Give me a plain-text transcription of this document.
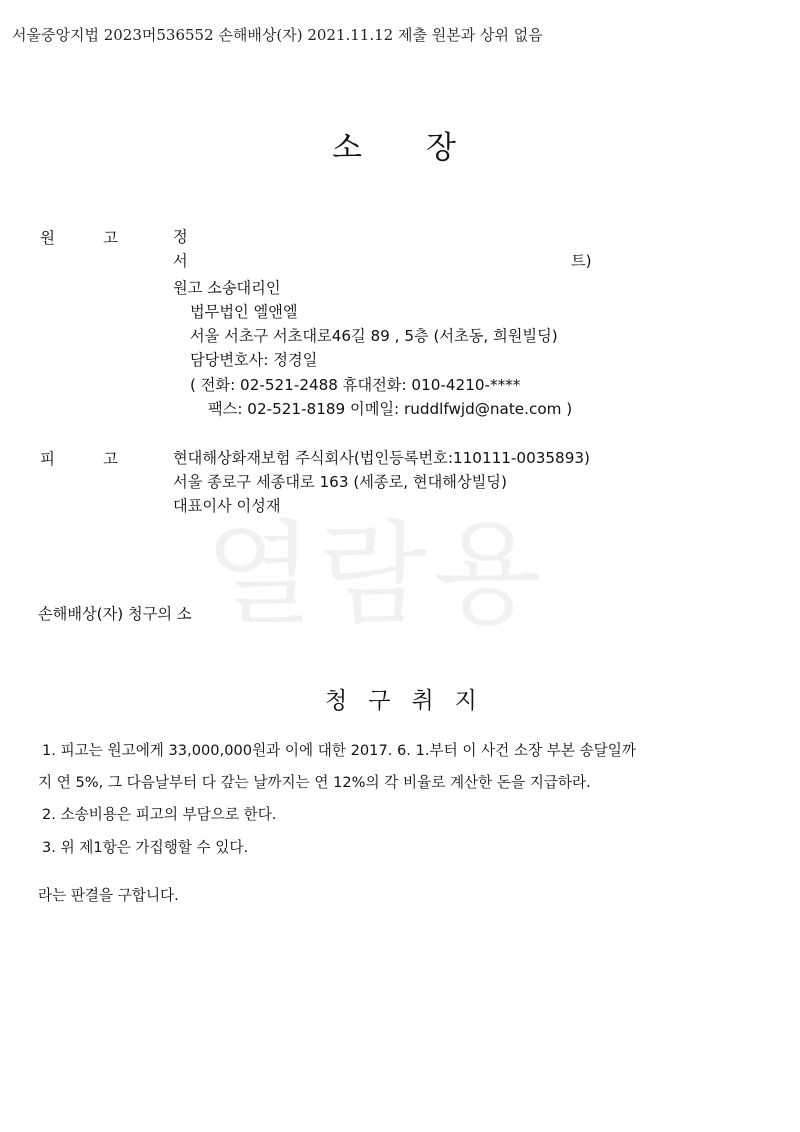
서울중앙지법 2023머536552 손해배상(자) 2021.11.12 제출 원본과 상위 없음
소 장
열람용
원	고	정
서	트)
원고 소송대리인
법무법인 엘앤엘
서울 서초구 서초대로46길 89 , 5층 (서초동, 희원빌딩)
담당변호사: 정경일
( 전화: 02-521-2488 휴대전화: 010-4210-****
팩스: 02-521-8189 이메일: ruddlfwjd@nate.com )
피	고	현대해상화재보험 주식회사(법인등록번호:110111-0035893)
서울 종로구 세종대로 163 (세종로, 현대해상빌딩)
대표이사 이성재
손해배상(자) 청구의 소
청 구 취 지
1. 피고는 원고에게 33,000,000원과 이에 대한 2017. 6. 1.부터 이 사건 소장 부본 송달일까
지 연 5%, 그 다음날부터 다 갚는 날까지는 연 12%의 각 비율로 계산한 돈을 지급하라.
2. 소송비용은 피고의 부담으로 한다.
3. 위 제1항은 가집행할 수 있다.
라는 판결을 구합니다.
